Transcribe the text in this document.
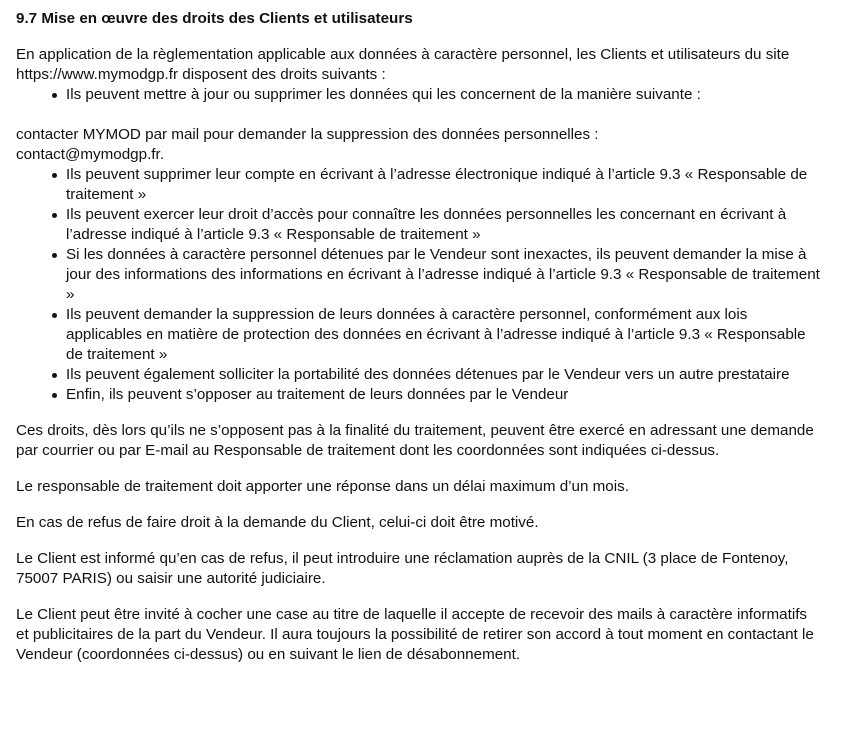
9.7 Mise en œuvre des droits des Clients et utilisateurs

En application de la règlementation applicable aux données à caractère personnel, les Clients et utilisateurs du site https://www.mymodgp.fr disposent des droits suivants :

Ils peuvent mettre à jour ou supprimer les données qui les concernent de la manière suivante :

contacter MYMOD par mail pour demander la suppression des données personnelles :

contact@mymodgp.fr.

Ils peuvent supprimer leur compte en écrivant à l’adresse électronique indiqué à l’article 9.3 « Responsable de traitement »
Ils peuvent exercer leur droit d’accès pour connaître les données personnelles les concernant en écrivant à l’adresse indiqué à l’article 9.3 « Responsable de traitement »
Si les données à caractère personnel détenues par le Vendeur sont inexactes, ils peuvent demander la mise à jour des informations des informations en écrivant à l’adresse indiqué à l’article 9.3 « Responsable de traitement »
Ils peuvent demander la suppression de leurs données à caractère personnel, conformément aux lois applicables en matière de protection des données en écrivant à l’adresse indiqué à l’article 9.3 « Responsable de traitement »
Ils peuvent également solliciter la portabilité des données détenues par le Vendeur vers un autre prestataire
Enfin, ils peuvent s’opposer au traitement de leurs données par le Vendeur

Ces droits, dès lors qu’ils ne s’opposent pas à la finalité du traitement, peuvent être exercé en adressant une demande par courrier ou par E-mail au Responsable de traitement dont les coordonnées sont indiquées ci-dessus.

Le responsable de traitement doit apporter une réponse dans un délai maximum d’un mois.

En cas de refus de faire droit à la demande du Client, celui-ci doit être motivé.

Le Client est informé qu’en cas de refus, il peut introduire une réclamation auprès de la CNIL (3 place de Fontenoy, 75007 PARIS) ou saisir une autorité judiciaire.

Le Client peut être invité à cocher une case au titre de laquelle il accepte de recevoir des mails à caractère informatifs et publicitaires de la part du Vendeur. Il aura toujours la possibilité de retirer son accord à tout moment en contactant le Vendeur (coordonnées ci-dessus) ou en suivant le lien de désabonnement.
